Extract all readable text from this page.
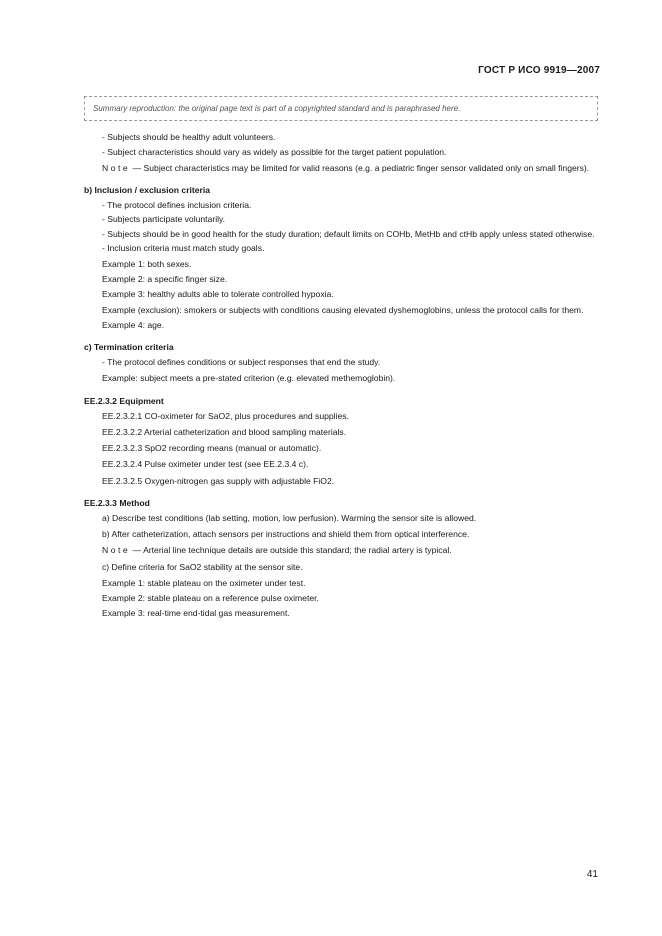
ГОСТ Р ИСО 9919—2007
Summary reproduction: the original page text is part of a copyrighted standard and is paraphrased here.
- Subjects should be healthy adult volunteers.
- Subject characteristics should vary as widely as possible for the target patient population.

Note — Subject characteristics may be limited for valid reasons (e.g. a pediatric finger sensor validated only on small fingers).

b) Inclusion / exclusion criteria

- The protocol defines inclusion criteria.
- Subjects participate voluntarily.
- Subjects should be in good health for the study duration; default limits on COHb, MetHb and ctHb apply unless stated otherwise.
- Inclusion criteria must match study goals.

Example 1: both sexes.

Example 2: a specific finger size.

Example 3: healthy adults able to tolerate controlled hypoxia.

Example (exclusion): smokers or subjects with conditions causing elevated dyshemoglobins, unless the protocol calls for them.

Example 4: age.

c) Termination criteria

- The protocol defines conditions or subject responses that end the study.

Example: subject meets a pre-stated criterion (e.g. elevated methemoglobin).

EE.2.3.2 Equipment

EE.2.3.2.1 CO-oximeter for SaO2, plus procedures and supplies.

EE.2.3.2.2 Arterial catheterization and blood sampling materials.

EE.2.3.2.3 SpO2 recording means (manual or automatic).

EE.2.3.2.4 Pulse oximeter under test (see EE.2.3.4 c).

EE.2.3.2.5 Oxygen-nitrogen gas supply with adjustable FiO2.

EE.2.3.3 Method

a) Describe test conditions (lab setting, motion, low perfusion). Warming the sensor site is allowed.

b) After catheterization, attach sensors per instructions and shield them from optical interference.

Note — Arterial line technique details are outside this standard; the radial artery is typical.

c) Define criteria for SaO2 stability at the sensor site.

Example 1: stable plateau on the oximeter under test.

Example 2: stable plateau on a reference pulse oximeter.

Example 3: real-time end-tidal gas measurement.

41
